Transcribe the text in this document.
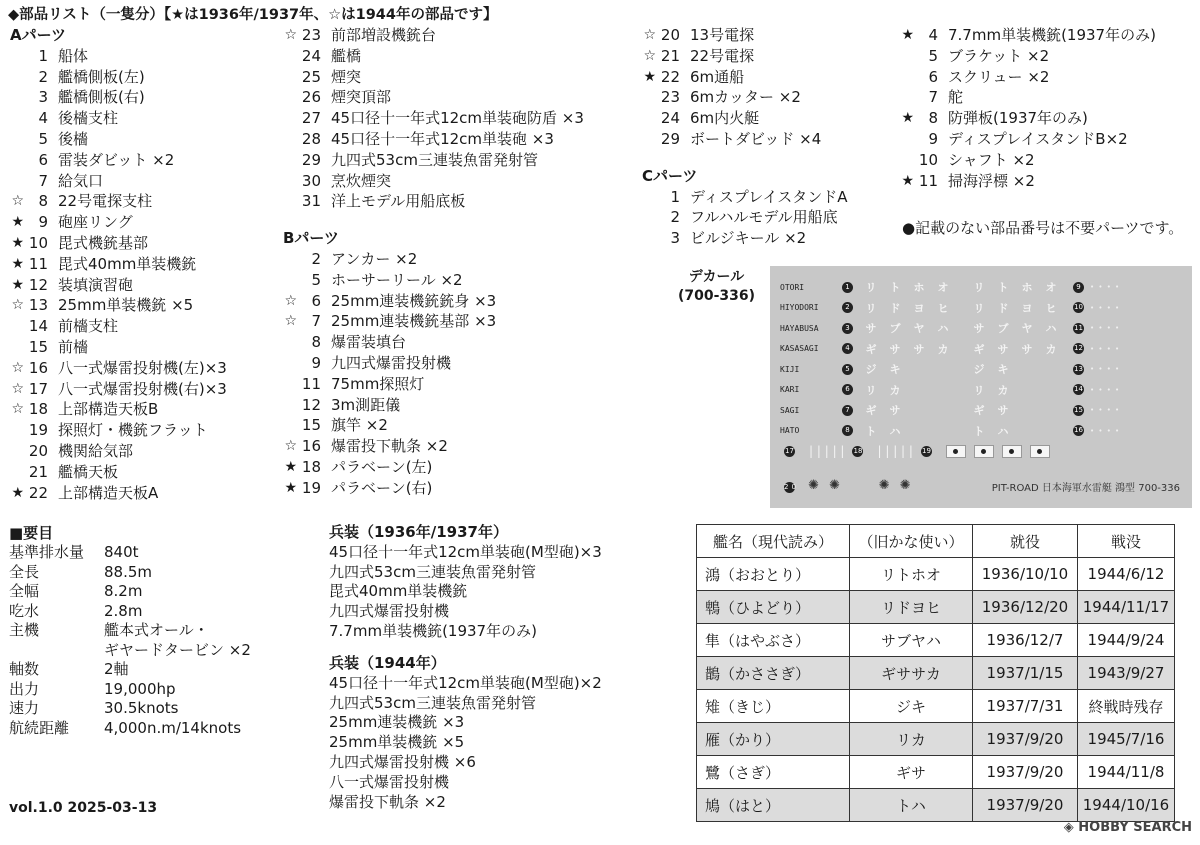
◆部品リスト（一隻分）【★は1936年/1937年、☆は1944年の部品です】
Aパーツ
1 船体
2 艦橋側板(左)
3 艦橋側板(右)
4 後檣支柱
5 後檣
6 雷装ダビット ×2
7 給気口
☆ 8 22号電探支柱
★ 9 砲座リング
★ 10 毘式機銃基部
★ 11 毘式40mm単装機銃
★ 12 装填演習砲
☆ 13 25mm単装機銃 ×5
14 前檣支柱
15 前檣
☆ 16 八一式爆雷投射機(左)×3
☆ 17 八一式爆雷投射機(右)×3
☆ 18 上部構造天板B
19 探照灯・機銃フラット
20 機関給気部
21 艦橋天板
★ 22 上部構造天板A
☆ 23 前部増設機銃台
24 艦橋
25 煙突
26 煙突頂部
27 45口径十一年式12cm単装砲防盾 ×3
28 45口径十一年式12cm単装砲 ×3
29 九四式53cm三連装魚雷発射管
30 烹炊煙突
31 洋上モデル用船底板
Bパーツ
2 アンカー ×2
5 ホーサーリール ×2
☆ 6 25mm連装機銃銃身 ×3
☆ 7 25mm連装機銃基部 ×3
8 爆雷装填台
9 九四式爆雷投射機
11 75mm探照灯
12 3m測距儀
15 旗竿 ×2
☆ 16 爆雷投下軌条 ×2
★ 18 パラベーン(左)
★ 19 パラベーン(右)
☆ 20 13号電探
☆ 21 22号電探
★ 22 6m通船
23 6mカッター ×2
24 6m内火艇
29 ボートダビッド ×4
Cパーツ
1 ディスプレイスタンドA
2 フルハルモデル用船底
3 ビルジキール ×2
★ 4 7.7mm単装機銃(1937年のみ)
5 ブラケット ×2
6 スクリュー ×2
7 舵
★ 8 防弾板(1937年のみ)
9 ディスプレイスタンドB×2
10 シャフト ×2
★ 11 掃海浮標 ×2
●記載のない部品番号は不要パーツです。
デカール
(700-336)
OTORI	1	リ	ト	ホ	オ	リ	ト	ホ	オ	9	• • • •
HIYODORI	2	リ	ド	ヨ	ヒ	リ	ド	ヨ	ヒ	10 • • • •
HAYABUSA	3	サ	ブ	ヤ	ハ	サ	ブ	ヤ	ハ	11 • • • •
KASASAGI	4	ギ	サ	サ	カ	ギ	サ	サ	カ	12 • • • •
KIJI	5	ジ	キ	ジ	キ	13 • • • •
KARI	6	リ	カ	リ	カ	14 • • • •
SAGI	7	ギ	サ	ギ	サ	15 • • • •
HATO	8	ト	ハ	ト	ハ	16 • • • •
17 | | | | | 18 | | | | | 19
20 ✺ ✺	✺ ✺	PIT-ROAD 日本海軍水雷艇 鴻型 700-336
■要目
基準排水量	840t
全長	88.5m
全幅	8.2m
吃水	2.8m
主機	艦本式オール・
ギヤードタービン ×2
軸数	2軸
出力	19,000hp
速力	30.5knots
航続距離	4,000n.m/14knots
vol.1.0 2025-03-13
兵装（1936年/1937年）
45口径十一年式12cm単装砲(M型砲)×3
九四式53cm三連装魚雷発射管
毘式40mm単装機銃
九四式爆雷投射機
7.7mm単装機銃(1937年のみ)
兵装（1944年）
45口径十一年式12cm単装砲(M型砲)×2
九四式53cm三連装魚雷発射管
25mm連装機銃 ×3
25mm単装機銃 ×5
九四式爆雷投射機 ×6
八一式爆雷投射機
爆雷投下軌条 ×2
艦名（現代読み）	（旧かな使い）	就役	戦没
鴻（おおとり）	リトホオ	1936/10/10	1944/6/12
鵯（ひよどり）	リドヨヒ	1936/12/20	1944/11/17
隼（はやぶさ）	サブヤハ	1936/12/7	1944/9/24
鵲（かささぎ）	ギササカ	1937/1/15	1943/9/27
雉（きじ）	ジキ	1937/7/31	終戦時残存
雁（かり）	リカ	1937/9/20	1945/7/16
鷺（さぎ）	ギサ	1937/9/20	1944/11/8
鳩（はと）	トハ	1937/9/20	1944/10/16
◈ HOBBY SEARCH
